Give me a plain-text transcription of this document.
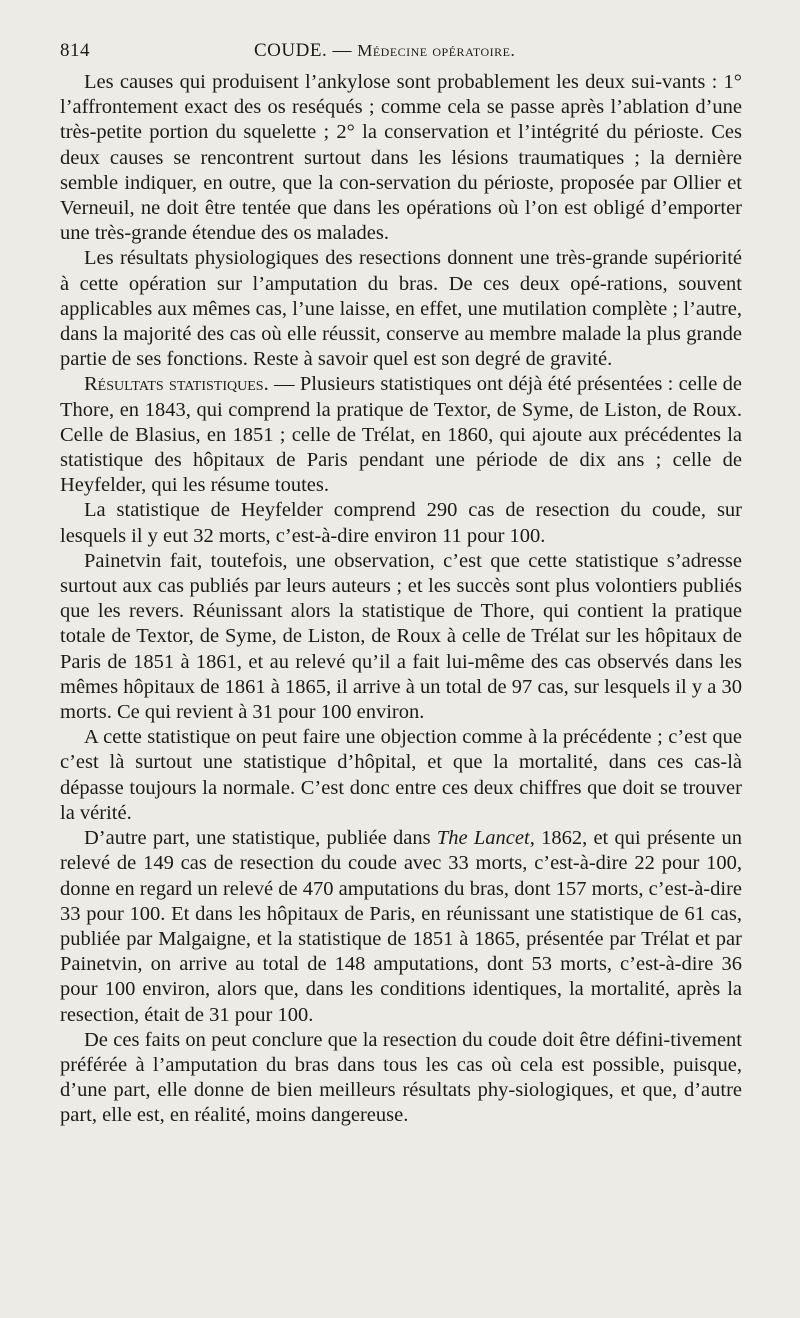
814	COUDE. — Médecine opératoire.

Les causes qui produisent l’ankylose sont probablement les deux sui-vants : 1° l’affrontement exact des os reséqués ; comme cela se passe après l’ablation d’une très-petite portion du squelette ; 2° la conservation et l’intégrité du périoste. Ces deux causes se rencontrent surtout dans les lésions traumatiques ; la dernière semble indiquer, en outre, que la con-servation du périoste, proposée par Ollier et Verneuil, ne doit être tentée que dans les opérations où l’on est obligé d’emporter une très-grande étendue des os malades.

Les résultats physiologiques des resections donnent une très-grande supériorité à cette opération sur l’amputation du bras. De ces deux opé-rations, souvent applicables aux mêmes cas, l’une laisse, en effet, une mutilation complète ; l’autre, dans la majorité des cas où elle réussit, conserve au membre malade la plus grande partie de ses fonctions. Reste à savoir quel est son degré de gravité.

Résultats statistiques. — Plusieurs statistiques ont déjà été présentées : celle de Thore, en 1843, qui comprend la pratique de Textor, de Syme, de Liston, de Roux. Celle de Blasius, en 1851 ; celle de Trélat, en 1860, qui ajoute aux précédentes la statistique des hôpitaux de Paris pendant une période de dix ans ; celle de Heyfelder, qui les résume toutes.

La statistique de Heyfelder comprend 290 cas de resection du coude, sur lesquels il y eut 32 morts, c’est-à-dire environ 11 pour 100.

Painetvin fait, toutefois, une observation, c’est que cette statistique s’adresse surtout aux cas publiés par leurs auteurs ; et les succès sont plus volontiers publiés que les revers. Réunissant alors la statistique de Thore, qui contient la pratique totale de Textor, de Syme, de Liston, de Roux à celle de Trélat sur les hôpitaux de Paris de 1851 à 1861, et au relevé qu’il a fait lui-même des cas observés dans les mêmes hôpitaux de 1861 à 1865, il arrive à un total de 97 cas, sur lesquels il y a 30 morts. Ce qui revient à 31 pour 100 environ.

A cette statistique on peut faire une objection comme à la précédente ; c’est que c’est là surtout une statistique d’hôpital, et que la mortalité, dans ces cas-là dépasse toujours la normale. C’est donc entre ces deux chiffres que doit se trouver la vérité.

D’autre part, une statistique, publiée dans The Lancet, 1862, et qui présente un relevé de 149 cas de resection du coude avec 33 morts, c’est-à-dire 22 pour 100, donne en regard un relevé de 470 amputations du bras, dont 157 morts, c’est-à-dire 33 pour 100. Et dans les hôpitaux de Paris, en réunissant une statistique de 61 cas, publiée par Malgaigne, et la statistique de 1851 à 1865, présentée par Trélat et par Painetvin, on arrive au total de 148 amputations, dont 53 morts, c’est-à-dire 36 pour 100 environ, alors que, dans les conditions identiques, la mortalité, après la resection, était de 31 pour 100.

De ces faits on peut conclure que la resection du coude doit être défini-tivement préférée à l’amputation du bras dans tous les cas où cela est possible, puisque, d’une part, elle donne de bien meilleurs résultats phy-siologiques, et que, d’autre part, elle est, en réalité, moins dangereuse.
